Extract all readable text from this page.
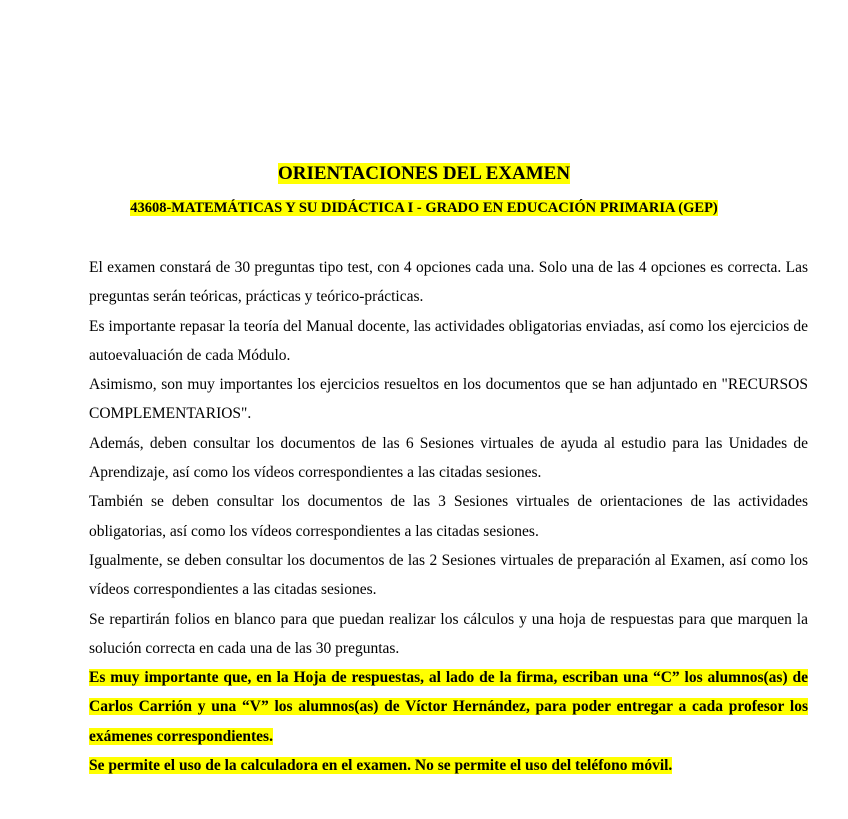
ORIENTACIONES DEL EXAMEN
43608-MATEMÁTICAS Y SU DIDÁCTICA I - GRADO EN EDUCACIÓN PRIMARIA (GEP)

El examen constará de 30 preguntas tipo test, con 4 opciones cada una. Solo una de las 4 opciones es correcta. Las preguntas serán teóricas, prácticas y teórico-prácticas.

Es importante repasar la teoría del Manual docente, las actividades obligatorias enviadas, así como los ejercicios de autoevaluación de cada Módulo.

Asimismo, son muy importantes los ejercicios resueltos en los documentos que se han adjuntado en "RECURSOS COMPLEMENTARIOS".

Además, deben consultar los documentos de las 6 Sesiones virtuales de ayuda al estudio para las Unidades de Aprendizaje, así como los vídeos correspondientes a las citadas sesiones.

También se deben consultar los documentos de las 3 Sesiones virtuales de orientaciones de las actividades obligatorias, así como los vídeos correspondientes a las citadas sesiones.

Igualmente, se deben consultar los documentos de las 2 Sesiones virtuales de preparación al Examen, así como los vídeos correspondientes a las citadas sesiones.

Se repartirán folios en blanco para que puedan realizar los cálculos y una hoja de respuestas para que marquen la solución correcta en cada una de las 30 preguntas.

Es muy importante que, en la Hoja de respuestas, al lado de la firma, escriban una “C” los alumnos(as) de Carlos Carrión y una “V” los alumnos(as) de Víctor Hernández, para poder entregar a cada profesor los exámenes correspondientes.

Se permite el uso de la calculadora en el examen. No se permite el uso del teléfono móvil.
